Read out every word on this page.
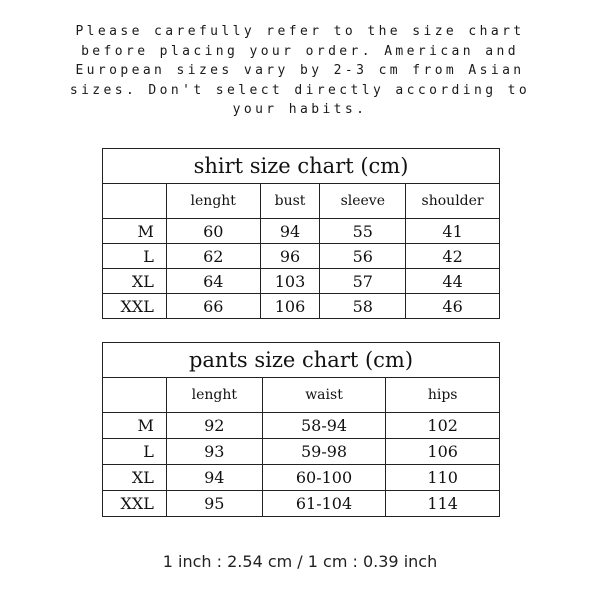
Please carefully refer to the size chart
before placing your order. American and
European sizes vary by 2-3 cm from Asian
sizes. Don't select directly according to
your habits.
shirt size chart (cm)				
	lenght	bust	sleeve	shoulder
M	60	94	55	41
L	62	96	56	42
XL	64	103	57	44
XXL	66	106	58	46
pants size chart (cm)			
	lenght	waist	hips
M	92	58-94	102
L	93	59-98	106
XL	94	60-100	110
XXL	95	61-104	114
1 inch : 2.54 cm / 1 cm : 0.39 inch
